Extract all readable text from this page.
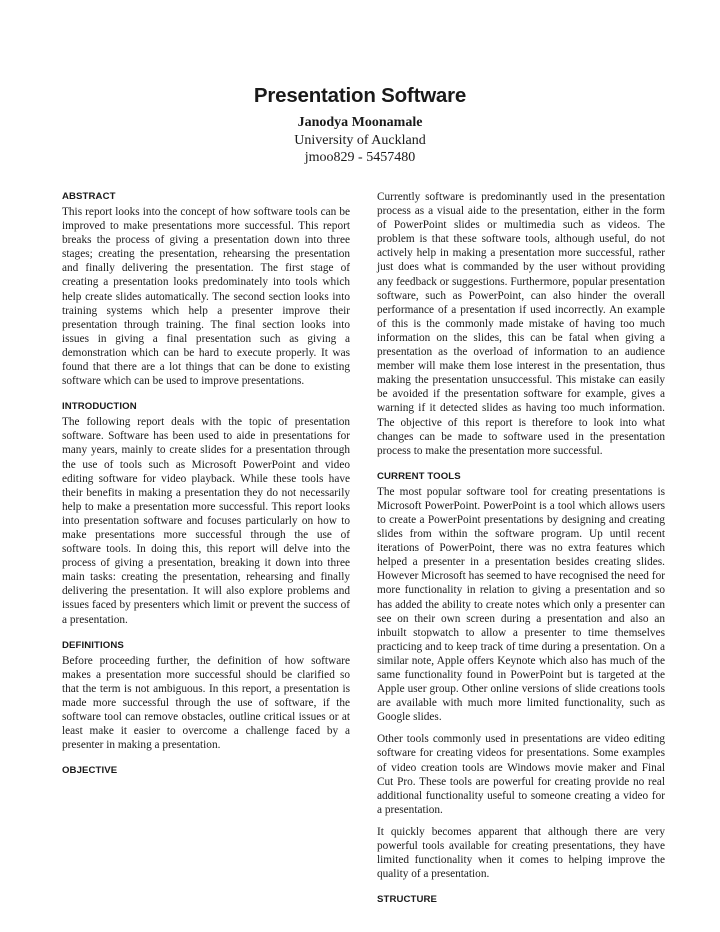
Presentation Software
Janodya Moonamale
University of Auckland
jmoo829 - 5457480
ABSTRACT

This report looks into the concept of how software tools can be improved to make presentations more successful. This report breaks the process of giving a presentation down into three stages; creating the presentation, rehearsing the presentation and finally delivering the presentation. The first stage of creating a presentation looks predominately into tools which help create slides automatically. The second section looks into training systems which help a presenter improve their presentation through training. The final section looks into issues in giving a final presentation such as giving a demonstration which can be hard to execute properly. It was found that there are a lot things that can be done to existing software which can be used to improve presentations.

INTRODUCTION

The following report deals with the topic of presentation software. Software has been used to aide in presentations for many years, mainly to create slides for a presentation through the use of tools such as Microsoft PowerPoint and video editing software for video playback. While these tools have their benefits in making a presentation they do not necessarily help to make a presentation more successful. This report looks into presentation software and focuses particularly on how to make presentations more successful through the use of software tools. In doing this, this report will delve into the process of giving a presentation, breaking it down into three main tasks: creating the presentation, rehearsing and finally delivering the presentation. It will also explore problems and issues faced by presenters which limit or prevent the success of a presentation.

DEFINITIONS

Before proceeding further, the definition of how software makes a presentation more successful should be clarified so that the term is not ambiguous. In this report, a presentation is made more successful through the use of software, if the software tool can remove obstacles, outline critical issues or at least make it easier to overcome a challenge faced by a presenter in making a presentation.

OBJECTIVE

Currently software is predominantly used in the presentation process as a visual aide to the presentation, either in the form of PowerPoint slides or multimedia such as videos. The problem is that these software tools, although useful, do not actively help in making a presentation more successful, rather just does what is commanded by the user without providing any feedback or suggestions. Furthermore, popular presentation software, such as PowerPoint, can also hinder the overall performance of a presentation if used incorrectly. An example of this is the commonly made mistake of having too much information on the slides, this can be fatal when giving a presentation as the overload of information to an audience member will make them lose interest in the presentation, thus making the presentation unsuccessful. This mistake can easily be avoided if the presentation software for example, gives a warning if it detected slides as having too much information. The objective of this report is therefore to look into what changes can be made to software used in the presentation process to make the presentation more successful.

CURRENT TOOLS

The most popular software tool for creating presentations is Microsoft PowerPoint. PowerPoint is a tool which allows users to create a PowerPoint presentations by designing and creating slides from within the software program. Up until recent iterations of PowerPoint, there was no extra features which helped a presenter in a presentation besides creating slides. However Microsoft has seemed to have recognised the need for more functionality in relation to giving a presentation and so has added the ability to create notes which only a presenter can see on their own screen during a presentation and also an inbuilt stopwatch to allow a presenter to time themselves practicing and to keep track of time during a presentation. On a similar note, Apple offers Keynote which also has much of the same functionality found in PowerPoint but is targeted at the Apple user group. Other online versions of slide creations tools are available with much more limited functionality, such as Google slides.

Other tools commonly used in presentations are video editing software for creating videos for presentations. Some examples of video creation tools are Windows movie maker and Final Cut Pro. These tools are powerful for creating provide no real additional functionality useful to someone creating a video for a presentation.

It quickly becomes apparent that although there are very powerful tools available for creating presentations, they have limited functionality when it comes to helping improve the quality of a presentation.

STRUCTURE
